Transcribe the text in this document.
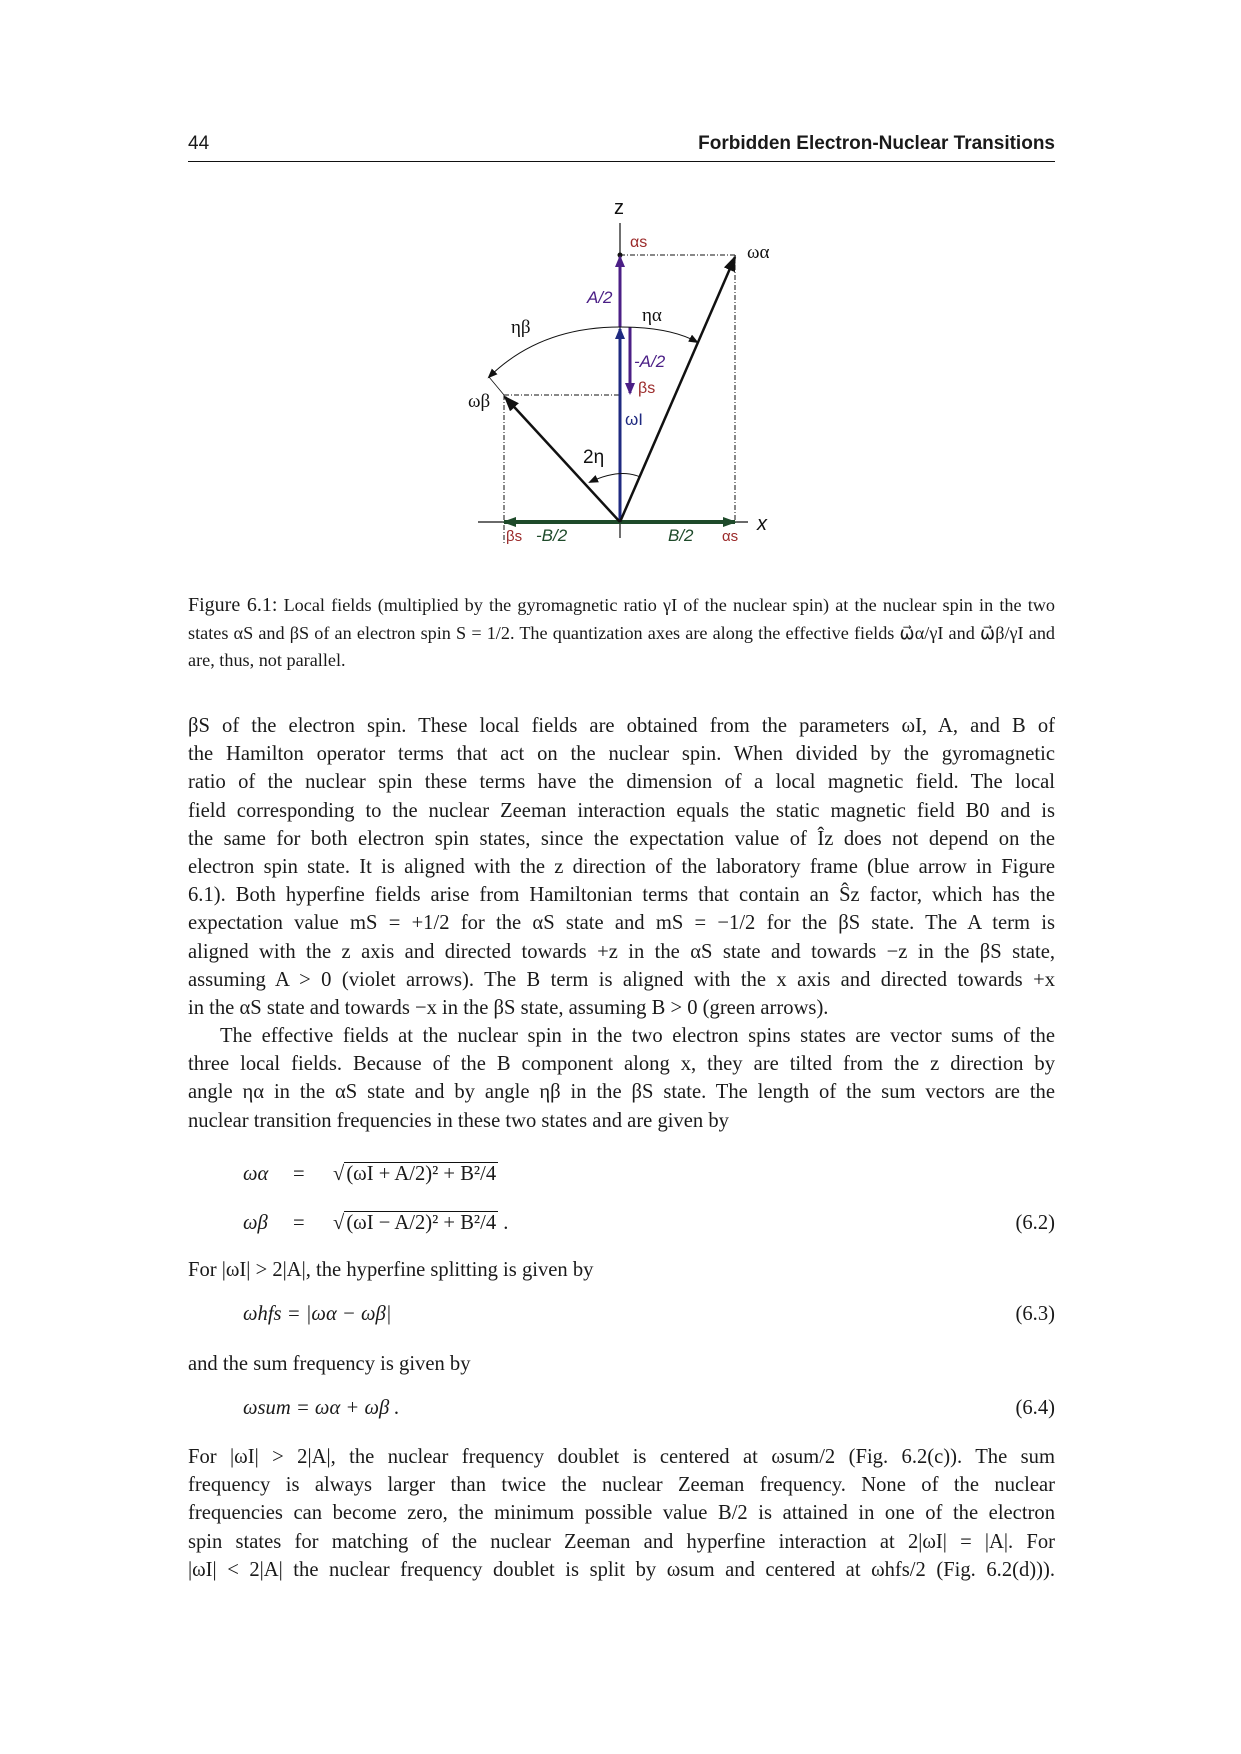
44	Forbidden Electron-Nuclear Transitions
z
x
A/2
-A/2
B/2
-B/2
αs
βs
αs
βs
ωI
ωα
ωβ
ηα
ηβ
2η
Figure 6.1: Local fields (multiplied by the gyromagnetic ratio γI of the nuclear spin) at the nuclear spin in the two states αS and βS of an electron spin S = 1/2. The quantization axes are along the effective fields ω⃗α/γI and ω⃗β/γI and are, thus, not parallel.

βS of the electron spin. These local fields are obtained from the parameters ωI, A, and B of

the Hamilton operator terms that act on the nuclear spin. When divided by the gyromagnetic

ratio of the nuclear spin these terms have the dimension of a local magnetic field. The local

field corresponding to the nuclear Zeeman interaction equals the static magnetic field B0 and is

the same for both electron spin states, since the expectation value of Îz does not depend on the

electron spin state. It is aligned with the z direction of the laboratory frame (blue arrow in Figure

6.1). Both hyperfine fields arise from Hamiltonian terms that contain an Ŝz factor, which has the

expectation value mS = +1/2 for the αS state and mS = −1/2 for the βS state. The A term is

aligned with the z axis and directed towards +z in the αS state and towards −z in the βS state,

assuming A > 0 (violet arrows). The B term is aligned with the x axis and directed towards +x

in the αS state and towards −x in the βS state, assuming B > 0 (green arrows).

The effective fields at the nuclear spin in the two electron spins states are vector sums of the

three local fields. Because of the B component along x, they are tilted from the z direction by

angle ηα in the αS state and by angle ηβ in the βS state. The length of the sum vectors are the

nuclear transition frequencies in these two states and are given by

ωα = √(ωI + A/2)² + B²/4
ωβ = √(ωI − A/2)² + B²/4 .	(6.2)

For |ωI| > 2|A|, the hyperfine splitting is given by

ωhfs = |ωα − ωβ|	(6.3)

and the sum frequency is given by

ωsum = ωα + ωβ .	(6.4)

For |ωI| > 2|A|, the nuclear frequency doublet is centered at ωsum/2 (Fig. 6.2(c)). The sum

frequency is always larger than twice the nuclear Zeeman frequency. None of the nuclear

frequencies can become zero, the minimum possible value B/2 is attained in one of the electron

spin states for matching of the nuclear Zeeman and hyperfine interaction at 2|ωI| = |A|. For

|ωI| < 2|A| the nuclear frequency doublet is split by ωsum and centered at ωhfs/2 (Fig. 6.2(d))).
